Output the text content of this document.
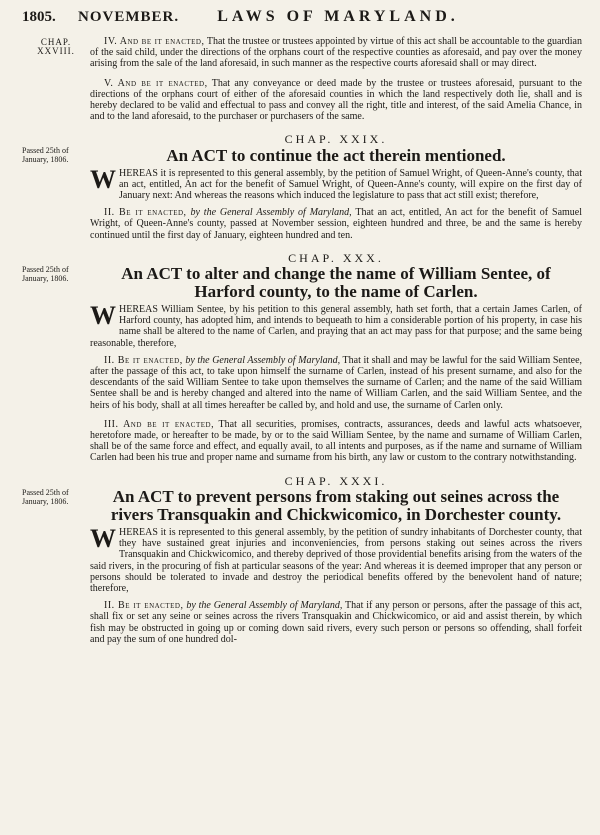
1805.	NOVEMBER.	LAWS OF MARYLAND.
CHAP. XXVIII.

IV. And be it enacted, That the trustee or trustees appointed by virtue of this act shall be accountable to the guardian of the said child, under the directions of the orphans court of the respective counties as aforesaid, and pay over the money arising from the sale of the land aforesaid, in such manner as the respective courts aforesaid shall or may direct.

V. And be it enacted, That any conveyance or deed made by the trustee or trustees aforesaid, pursuant to the directions of the orphans court of either of the aforesaid counties in which the land respectively doth lie, shall and is hereby declared to be valid and effectual to pass and convey all the right, title and interest, of the said Amelia Chance, in and to the land aforesaid, to the purchaser or purchasers of the same.

Passed 25th of January, 1806.
CHAP. XXIX.
An ACT to continue the act therein mentioned.

WHEREAS it is represented to this general assembly, by the petition of Samuel Wright, of Queen-Anne's county, that an act, entitled, An act for the benefit of Samuel Wright, of Queen-Anne's county, will expire on the first day of January next: And whereas the reasons which induced the legislature to pass that act still exist; therefore,

II. Be it enacted, by the General Assembly of Maryland, That an act, entitled, An act for the benefit of Samuel Wright, of Queen-Anne's county, passed at November session, eighteen hundred and three, be and the same is hereby continued until the first day of January, eighteen hundred and ten.

Passed 25th of January, 1806.
CHAP. XXX.
An ACT to alter and change the name of William Sentee, of Harford county, to the name of Carlen.

WHEREAS William Sentee, by his petition to this general assembly, hath set forth, that a certain James Carlen, of Harford county, has adopted him, and intends to bequeath to him a considerable portion of his property, in case his name shall be altered to the name of Carlen, and praying that an act may pass for that purpose; and the same being reasonable, therefore,

II. Be it enacted, by the General Assembly of Maryland, That it shall and may be lawful for the said William Sentee, after the passage of this act, to take upon himself the surname of Carlen, instead of his present surname, and also for the descendants of the said William Sentee to take upon themselves the surname of Carlen; and the name of the said William Sentee shall be and is hereby changed and altered into the name of William Carlen, and the said William Sentee, and the heirs of his body, shall at all times hereafter be called by, and hold and use, the surname of Carlen only.

III. And be it enacted, That all securities, promises, contracts, assurances, deeds and lawful acts whatsoever, heretofore made, or hereafter to be made, by or to the said William Sentee, by the name and surname of William Carlen, shall be of the same force and effect, and equally avail, to all intents and purposes, as if the name and surname of William Carlen had been his true and proper name and surname from his birth, any law or custom to the contrary notwithstanding.

Passed 25th of January, 1806.
CHAP. XXXI.
An ACT to prevent persons from staking out seines across the rivers Transquakin and Chickwicomico, in Dorchester county.

WHEREAS it is represented to this general assembly, by the petition of sundry inhabitants of Dorchester county, that they have sustained great injuries and inconveniencies, from persons staking out seines across the rivers Transquakin and Chickwicomico, and thereby deprived of those providential benefits arising from the waters of the said rivers, in the procuring of fish at particular seasons of the year: And whereas it is deemed improper that any person or persons should be tolerated to invade and destroy the periodical benefits offered by the benevolent hand of nature; therefore,

II. Be it enacted, by the General Assembly of Maryland, That if any person or persons, after the passage of this act, shall fix or set any seine or seines across the rivers Transquakin and Chickwicomico, or aid and assist therein, by which fish may be obstructed in going up or coming down said rivers, every such person or persons so offending, shall forfeit and pay the sum of one hundred dol-
